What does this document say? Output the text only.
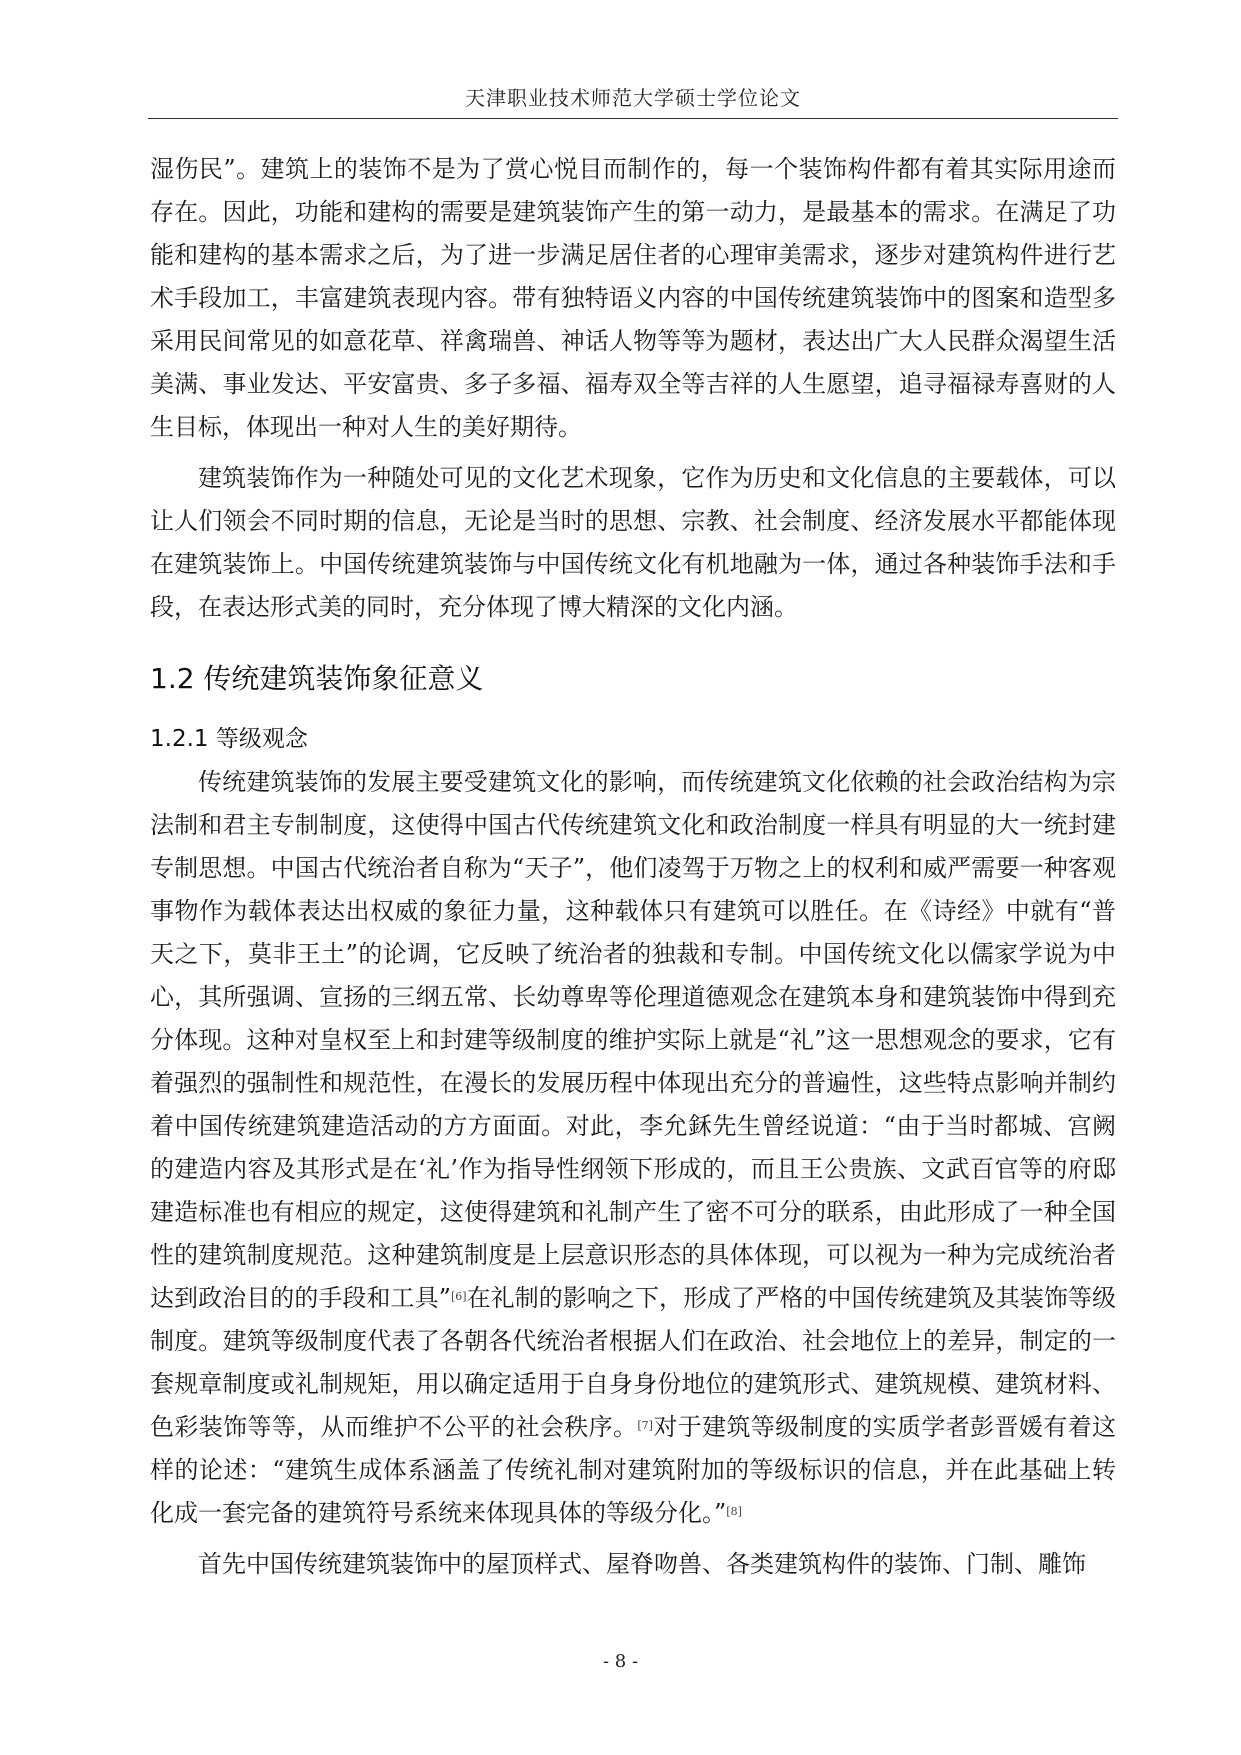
天津职业技术师范大学硕士学位论文

湿伤民”。建筑上的装饰不是为了赏心悦目而制作的，每一个装饰构件都有着其实际用途而存在。因此，功能和建构的需要是建筑装饰产生的第一动力，是最基本的需求。在满足了功能和建构的基本需求之后，为了进一步满足居住者的心理审美需求，逐步对建筑构件进行艺术手段加工，丰富建筑表现内容。带有独特语义内容的中国传统建筑装饰中的图案和造型多采用民间常见的如意花草、祥禽瑞兽、神话人物等等为题材，表达出广大人民群众渴望生活美满、事业发达、平安富贵、多子多福、福寿双全等吉祥的人生愿望，追寻福禄寿喜财的人生目标，体现出一种对人生的美好期待。

建筑装饰作为一种随处可见的文化艺术现象，它作为历史和文化信息的主要载体，可以让人们领会不同时期的信息，无论是当时的思想、宗教、社会制度、经济发展水平都能体现在建筑装饰上。中国传统建筑装饰与中国传统文化有机地融为一体，通过各种装饰手法和手段，在表达形式美的同时，充分体现了博大精深的文化内涵。

1.2 传统建筑装饰象征意义
1.2.1 等级观念

传统建筑装饰的发展主要受建筑文化的影响，而传统建筑文化依赖的社会政治结构为宗法制和君主专制制度，这使得中国古代传统建筑文化和政治制度一样具有明显的大一统封建专制思想。中国古代统治者自称为“天子”，他们凌驾于万物之上的权利和威严需要一种客观事物作为载体表达出权威的象征力量，这种载体只有建筑可以胜任。在《诗经》中就有“普天之下，莫非王土”的论调，它反映了统治者的独裁和专制。中国传统文化以儒家学说为中心，其所强调、宣扬的三纲五常、长幼尊卑等伦理道德观念在建筑本身和建筑装饰中得到充分体现。这种对皇权至上和封建等级制度的维护实际上就是“礼”这一思想观念的要求，它有着强烈的强制性和规范性，在漫长的发展历程中体现出充分的普遍性，这些特点影响并制约着中国传统建筑建造活动的方方面面。对此，李允鉌先生曾经说道：“由于当时都城、宫阙的建造内容及其形式是在‘礼’作为指导性纲领下形成的，而且王公贵族、文武百官等的府邸建造标准也有相应的规定，这使得建筑和礼制产生了密不可分的联系，由此形成了一种全国性的建筑制度规范。这种建筑制度是上层意识形态的具体体现，可以视为一种为完成统治者达到政治目的的手段和工具”[6]在礼制的影响之下，形成了严格的中国传统建筑及其装饰等级制度。建筑等级制度代表了各朝各代统治者根据人们在政治、社会地位上的差异，制定的一套规章制度或礼制规矩，用以确定适用于自身身份地位的建筑形式、建筑规模、建筑材料、色彩装饰等等，从而维护不公平的社会秩序。[7]对于建筑等级制度的实质学者彭晋媛有着这样的论述：“建筑生成体系涵盖了传统礼制对建筑附加的等级标识的信息，并在此基础上转化成一套完备的建筑符号系统来体现具体的等级分化。”[8]

首先中国传统建筑装饰中的屋顶样式、屋脊吻兽、各类建筑构件的装饰、门制、雕饰

- 8 -
